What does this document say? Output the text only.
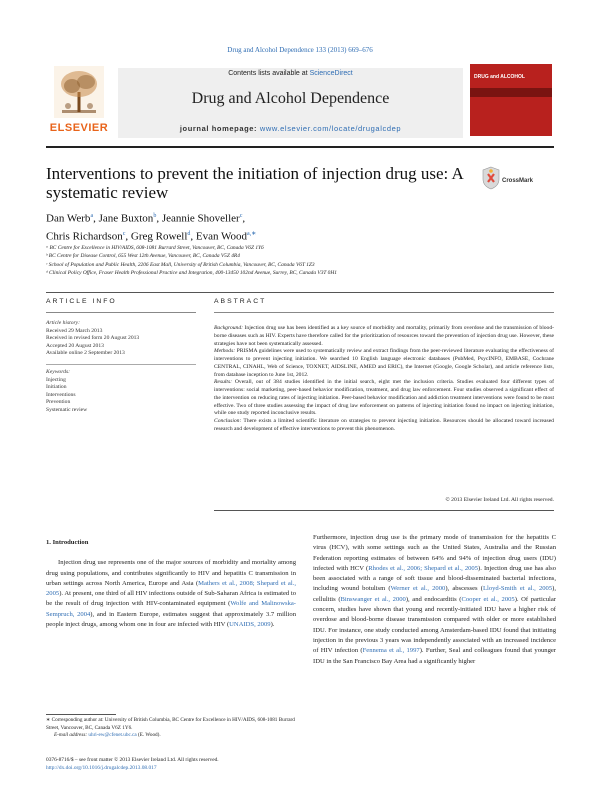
Drug and Alcohol Dependence 133 (2013) 669–676
ELSEVIER
Contents lists available at ScienceDirect
Drug and Alcohol Dependence
journal homepage: www.elsevier.com/locate/drugalcdep
DRUG and ALCOHOL
Interventions to prevent the initiation of injection drug use: A systematic review
CrossMark
Dan Werb$^a$, Jane Buxton$^b$, Jeannie Shoveller$^c$,
Chris Richardson$^c$, Greg Rowell$^d$, Evan Wood$^{a,∗}$
ᵃ BC Centre for Excellence in HIV/AIDS, 608-1081 Burrard Street, Vancouver, BC, Canada V6Z 1Y6
ᵇ BC Centre for Disease Control, 655 West 12th Avenue, Vancouver, BC, Canada V5Z 4R4
ᶜ School of Population and Public Health, 2206 East Mall, University of British Columbia, Vancouver, BC, Canada V6T 1Z3
ᵈ Clinical Policy Office, Fraser Health Professional Practice and Integration, 400-13450 102nd Avenue, Surrey, BC, Canada V3T 0H1
ARTICLE INFO	ABSTRACT
Article history:
Received 29 March 2013
Received in revised form 20 August 2013
Accepted 20 August 2013
Available online 2 September 2013
Keywords:
Injecting
Initiation
Interventions
Prevention
Systematic review
Background: Injection drug use has been identified as a key source of morbidity and mortality, primarily from overdose and the transmission of blood-borne diseases such as HIV. Experts have therefore called for the prioritization of resources toward the prevention of injection drug use. However, these strategies have not been systematically assessed.
Methods: PRISMA guidelines were used to systematically review and extract findings from the peer-reviewed literature evaluating the effectiveness of interventions to prevent injecting initiation. We searched 10 English language electronic databases (PubMed, PsycINFO, EMBASE, Cochrane CENTRAL, CINAHL, Web of Science, TOXNET, AIDSLINE, AMED and ERIC), the Internet (Google, Google Scholar), and article reference lists, from database inception to June 1st, 2012.
Results: Overall, out of 384 studies identified in the initial search, eight met the inclusion criteria. Studies evaluated four different types of interventions: social marketing, peer-based behavior modification, treatment, and drug law enforcement. Four studies observed a significant effect of the intervention on reducing rates of injecting initiation. Peer-based behavior modification and addiction treatment interventions were found to be most effective. Two of three studies assessing the impact of drug law enforcement on patterns of injecting initiation found no impact on injecting initiation, while one study reported inconclusive results.
Conclusion: There exists a limited scientific literature on strategies to prevent injecting initiation. Resources should be allocated toward increased research and development of effective interventions to prevent this phenomenon.
© 2013 Elsevier Ireland Ltd. All rights reserved.
1. Introduction
Injection drug use represents one of the major sources of morbidity and mortality among drug using populations, and contributes significantly to HIV and hepatitis C transmission in urban settings across North America, Europe and Asia (Mathers et al., 2008; Shepard et al., 2005). At present, one third of all HIV infections outside of Sub-Saharan Africa is estimated to be the result of drug injection with HIV-contaminated equipment (Wolfe and Malinowska-Sempruch, 2004), and in Eastern Europe, estimates suggest that approximately 3.7 million people inject drugs, among whom one in four are infected with HIV (UNAIDS, 2009).
Furthermore, injection drug use is the primary mode of transmission for the hepatitis C virus (HCV), with some settings such as the United States, Australia and the Russian Federation reporting estimates of between 64% and 94% of injection drug users (IDU) infected with HCV (Rhodes et al., 2006; Shepard et al., 2005). Injection drug use has also been associated with a range of soft tissue and blood-disseminated bacterial infections, including wound botulism (Werner et al., 2000), abscesses (Lloyd-Smith et al., 2005), cellulitis (Binswanger et al., 2000), and endocarditis (Cooper et al., 2005). Of particular concern, studies have shown that young and recently-initiated IDU have a higher risk of overdose and blood-borne disease transmission compared with older or more established IDU. For instance, one study conducted among Amsterdam-based IDU found that initiating injection in the previous 3 years was independently associated with an increased incidence of HIV infection (Fennema et al., 1997). Further, Seal and colleagues found that younger IDU in the San Francisco Bay Area had a significantly higher
∗ Corresponding author at: University of British Columbia, BC Centre for Excellence in HIV/AIDS, 608-1081 Burrard Street, Vancouver, BC, Canada V6Z 1Y6.
E-mail address: uhri-ew@cfenet.ubc.ca (E. Wood).
0376-8716/$ – see front matter © 2013 Elsevier Ireland Ltd. All rights reserved.
http://dx.doi.org/10.1016/j.drugalcdep.2013.08.017
